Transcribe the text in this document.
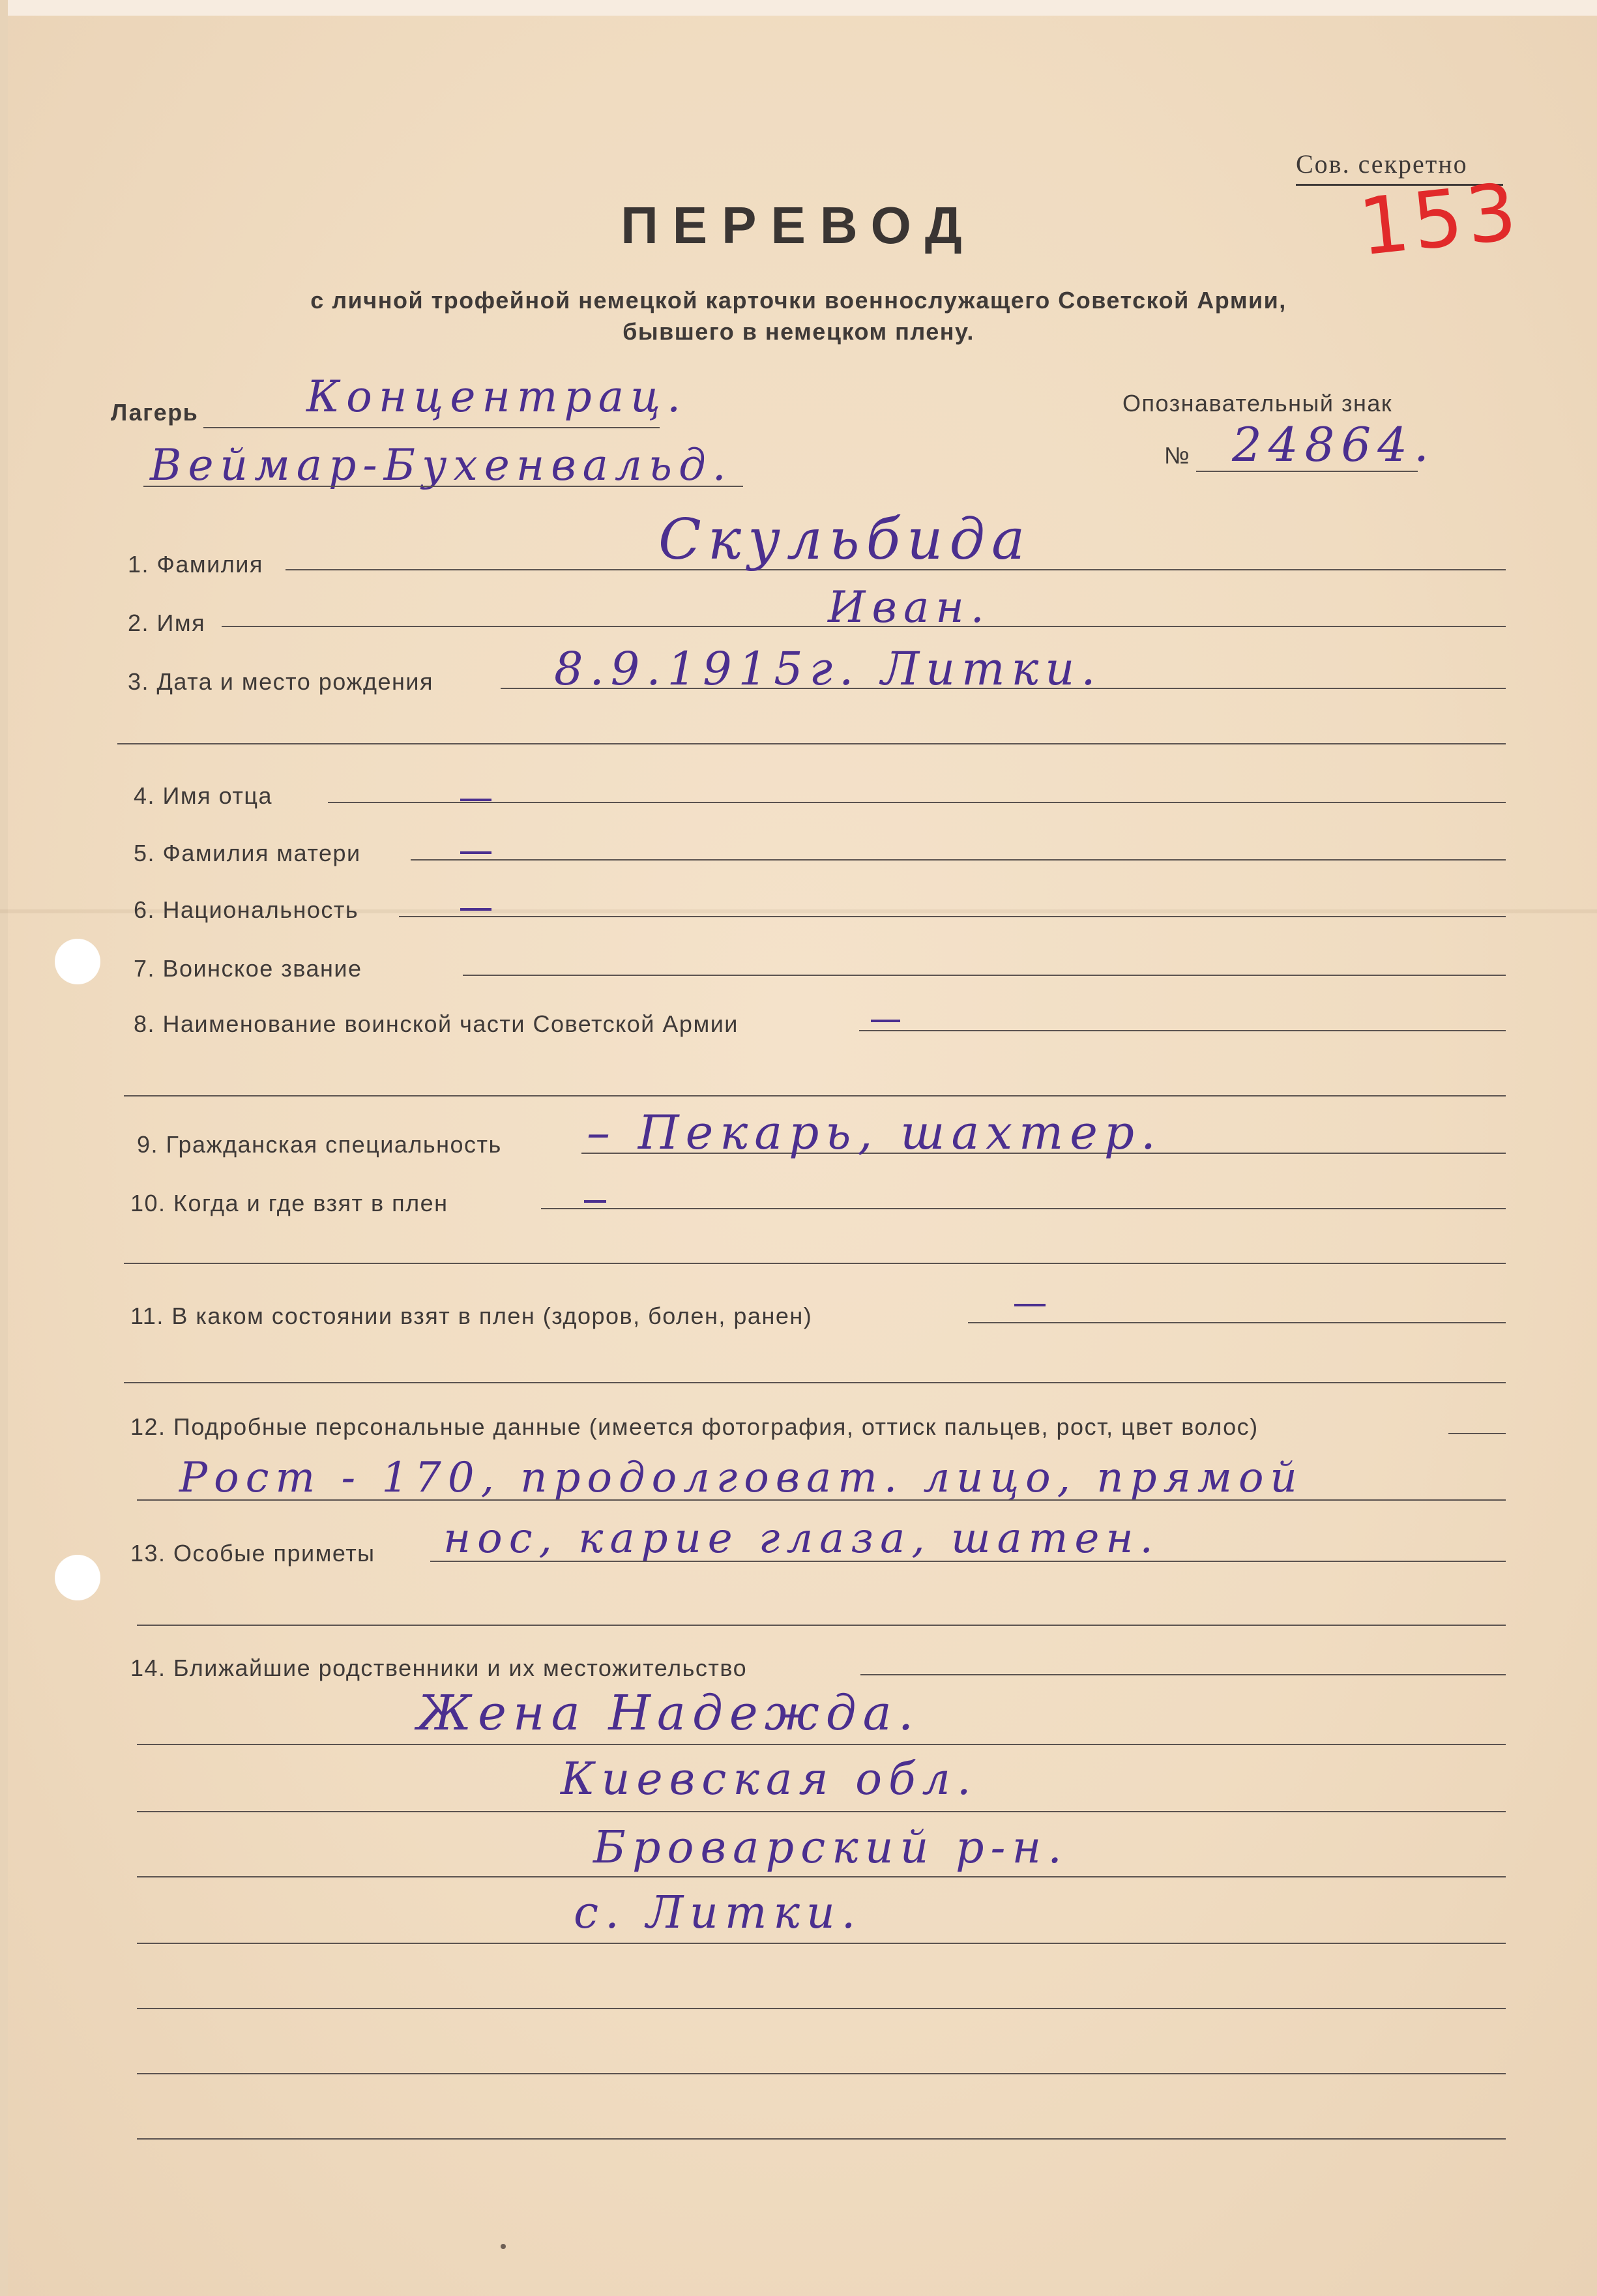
Сов. секретно
153
ПЕРЕВОД
с личной трофейной немецкой карточки военнослужащего Советской Армии,
бывшего в немецком плену.
Лагерь	Концентрац.
Веймар-Бухенвальд.
Опознавательный знак
№ 24864.
1. Фамилия	Скульбида
2. Имя	Иван.
3. Дата и место рождения	8.9.1915г. Литки.
4. Имя отца
5. Фамилия матери
6. Национальность
7. Воинское звание
8. Наименование воинской части Советской Армии
9. Гражданская специальность – Пекарь, шахтер.
10. Когда и где взят в плен
11. В каком состоянии взят в плен (здоров, болен, ранен)
12. Подробные персональные данные (имеется фотография, оттиск пальцев, рост, цвет волос)
Рост - 170, продолговат. лицо, прямой
13. Особые приметы нос, карие глаза, шатен.
14. Ближайшие родственники и их местожительство
Жена Надежда.
Киевская обл.
Броварский р-н.
с. Литки.
